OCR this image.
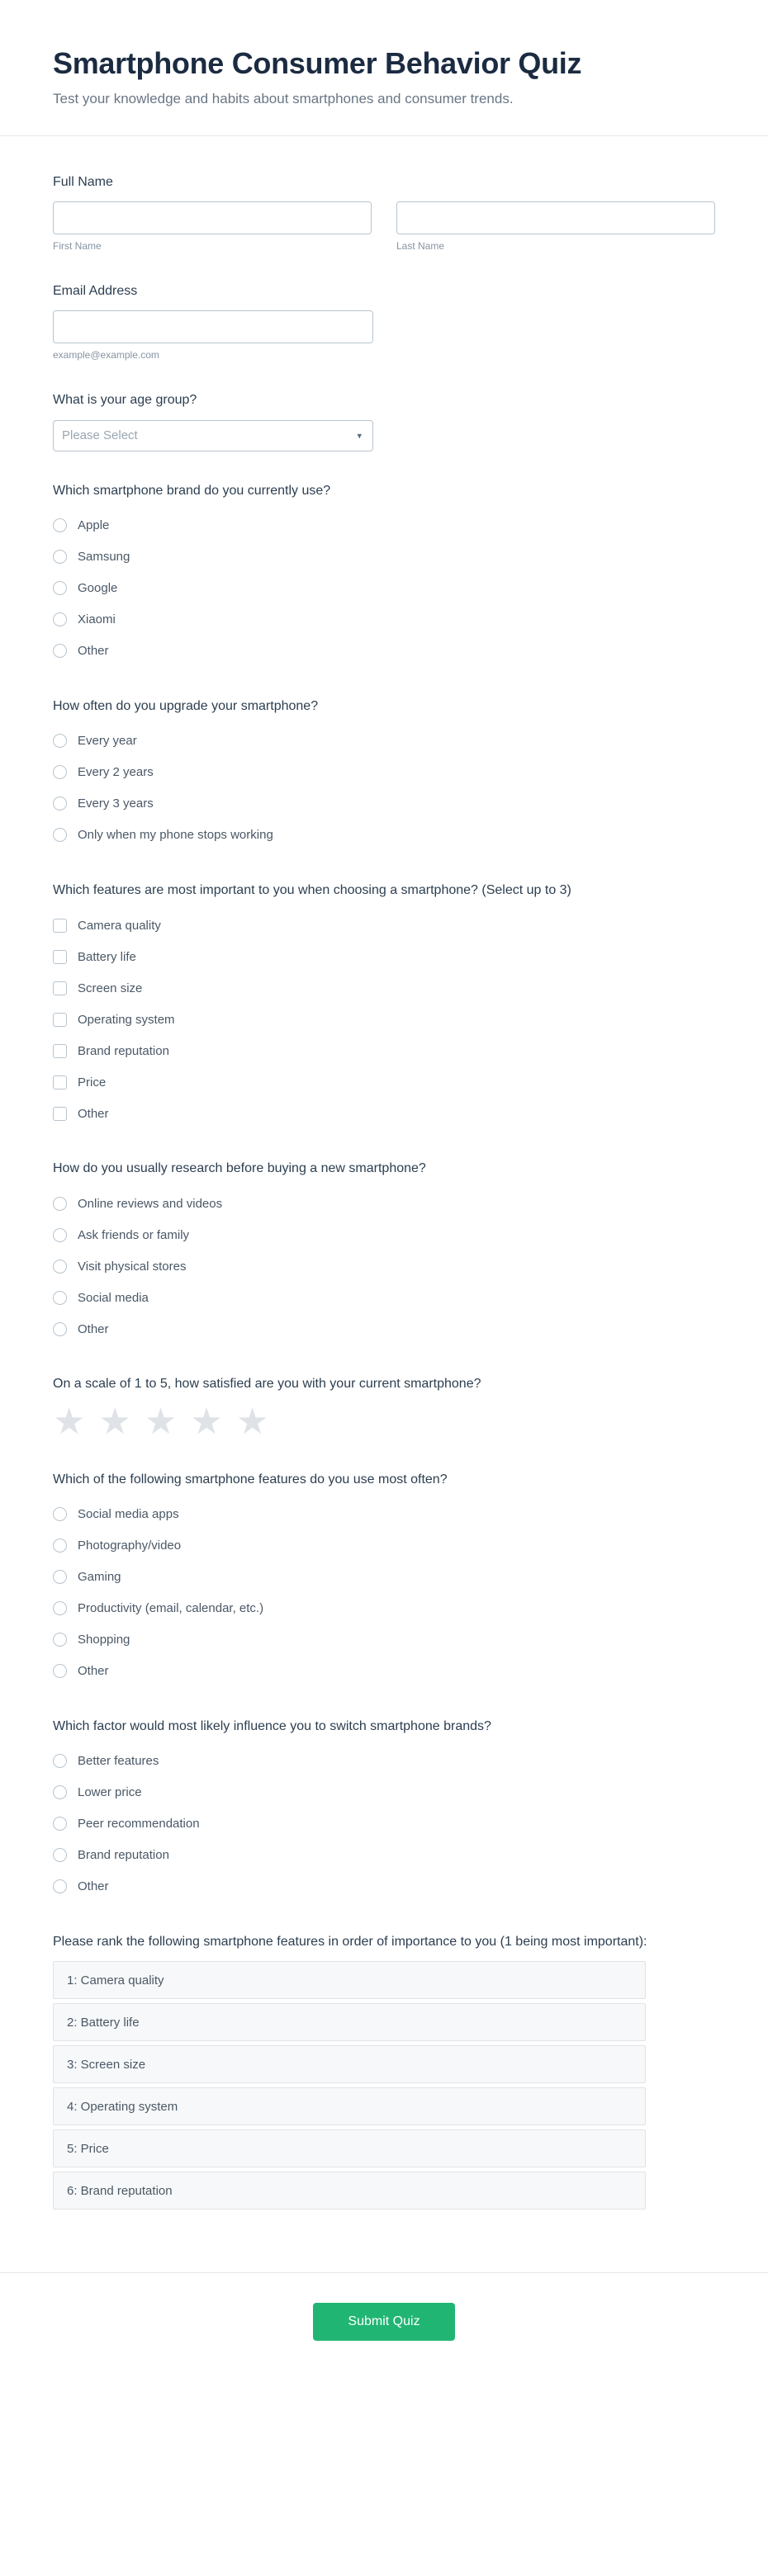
Smartphone Consumer Behavior Quiz

Test your knowledge and habits about smartphones and consumer trends.

Full Name
First Name	Last Name
Email Address
example@example.com
What is your age group?
Please Select
▾
Which smartphone brand do you currently use?
Apple
Samsung
Google
Xiaomi
Other
How often do you upgrade your smartphone?
Every year
Every 2 years
Every 3 years
Only when my phone stops working
Which features are most important to you when choosing a smartphone? (Select up to 3)
Camera quality
Battery life
Screen size
Operating system
Brand reputation
Price
Other
How do you usually research before buying a new smartphone?
Online reviews and videos
Ask friends or family
Visit physical stores
Social media
Other
On a scale of 1 to 5, how satisfied are you with your current smartphone?
★ ★ ★ ★ ★
Which of the following smartphone features do you use most often?
Social media apps
Photography/video
Gaming
Productivity (email, calendar, etc.)
Shopping
Other
Which factor would most likely influence you to switch smartphone brands?
Better features
Lower price
Peer recommendation
Brand reputation
Other
Please rank the following smartphone features in order of importance to you (1 being most important):
1: Camera quality
2: Battery life
3: Screen size
4: Operating system
5: Price
6: Brand reputation
Submit Quiz
